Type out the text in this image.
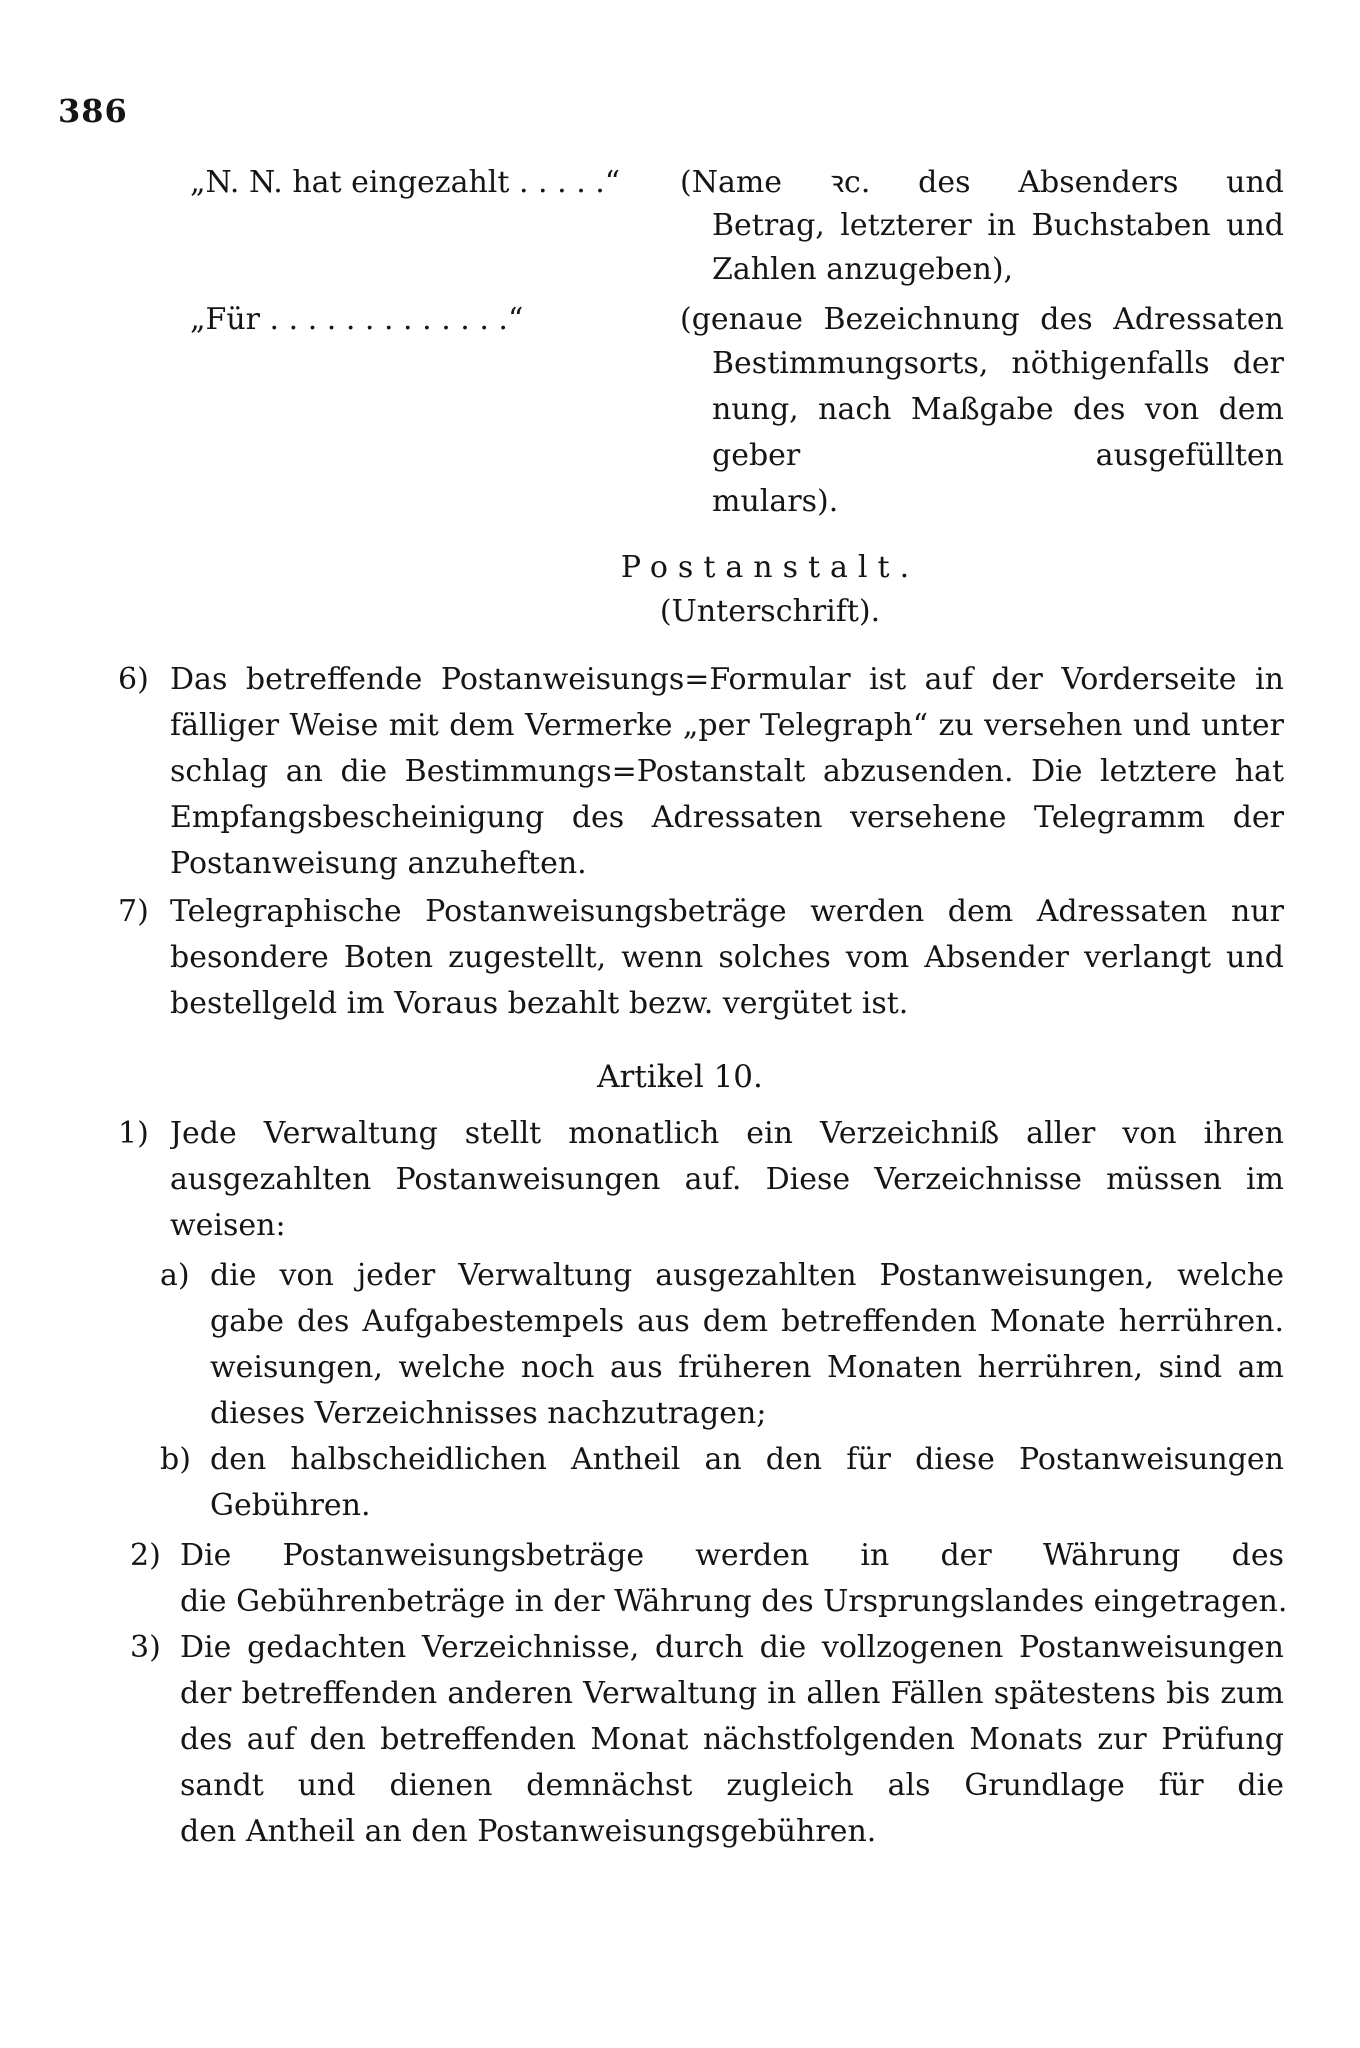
386
„N. N. hat eingezahlt . . . . .“ (Name ꝛc. des Absenders und
Betrag, letzterer in Buchstaben und
Zahlen anzugeben),
„Für . . . . . . . . . . . . .“	(genaue Bezeichnung des Adressaten
Bestimmungsorts, nöthigenfalls der
nung, nach Maßgabe des von dem
geber ausgefüllten
mulars).
Postanstalt.
(Unterschrift).
6) Das betreffende Postanweisungs=Formular ist auf der Vorderseite in
fälliger Weise mit dem Vermerke „per Telegraph“ zu versehen und unter
schlag an die Bestimmungs=Postanstalt abzusenden. Die letztere hat
Empfangsbescheinigung des Adressaten versehene Telegramm der
Postanweisung anzuheften.
7) Telegraphische Postanweisungsbeträge werden dem Adressaten nur
besondere Boten zugestellt, wenn solches vom Absender verlangt und
bestellgeld im Voraus bezahlt bezw. vergütet ist.
Artikel 10.
1) Jede Verwaltung stellt monatlich ein Verzeichniß aller von ihren
ausgezahlten Postanweisungen auf. Diese Verzeichnisse müssen im
weisen:
a) die von jeder Verwaltung ausgezahlten Postanweisungen, welche
gabe des Aufgabestempels aus dem betreffenden Monate herrühren.
weisungen, welche noch aus früheren Monaten herrühren, sind am
dieses Verzeichnisses nachzutragen;
b) den halbscheidlichen Antheil an den für diese Postanweisungen
Gebühren.
2) Die Postanweisungsbeträge werden in der Währung des
die Gebührenbeträge in der Währung des Ursprungslandes eingetragen.
3) Die gedachten Verzeichnisse, durch die vollzogenen Postanweisungen
der betreffenden anderen Verwaltung in allen Fällen spätestens bis zum
des auf den betreffenden Monat nächstfolgenden Monats zur Prüfung
sandt und dienen demnächst zugleich als Grundlage für die
den Antheil an den Postanweisungsgebühren.
